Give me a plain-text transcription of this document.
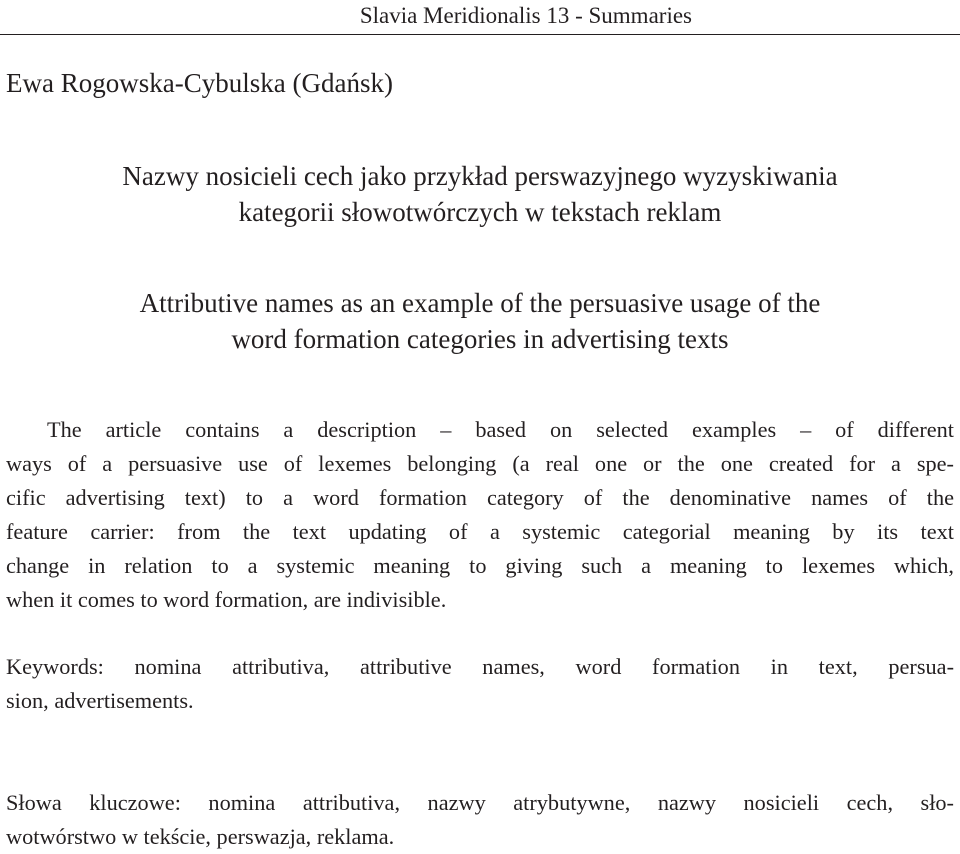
Slavia Meridionalis 13 - Summaries
Ewa Rogowska-Cybulska (Gdańsk)
Nazwy nosicieli cech jako przykład perswazyjnego wyzyskiwania
kategorii słowotwórczych w tekstach reklam
Attributive names as an example of the persuasive usage of the
word formation categories in advertising texts
The article contains a description – based on selected examples – of different
ways of a persuasive use of lexemes belonging (a real one or the one created for a spe-
cific advertising text) to a word formation category of the denominative names of the
feature carrier: from the text updating of a systemic categorial meaning by its text
change in relation to a systemic meaning to giving such a meaning to lexemes which,
when it comes to word formation, are indivisible.
Keywords: nomina attributiva, attributive names, word formation in text, persua-
sion, advertisements.
Słowa kluczowe: nomina attributiva, nazwy atrybutywne, nazwy nosicieli cech, sło-
wotwórstwo w tekście, perswazja, reklama.
